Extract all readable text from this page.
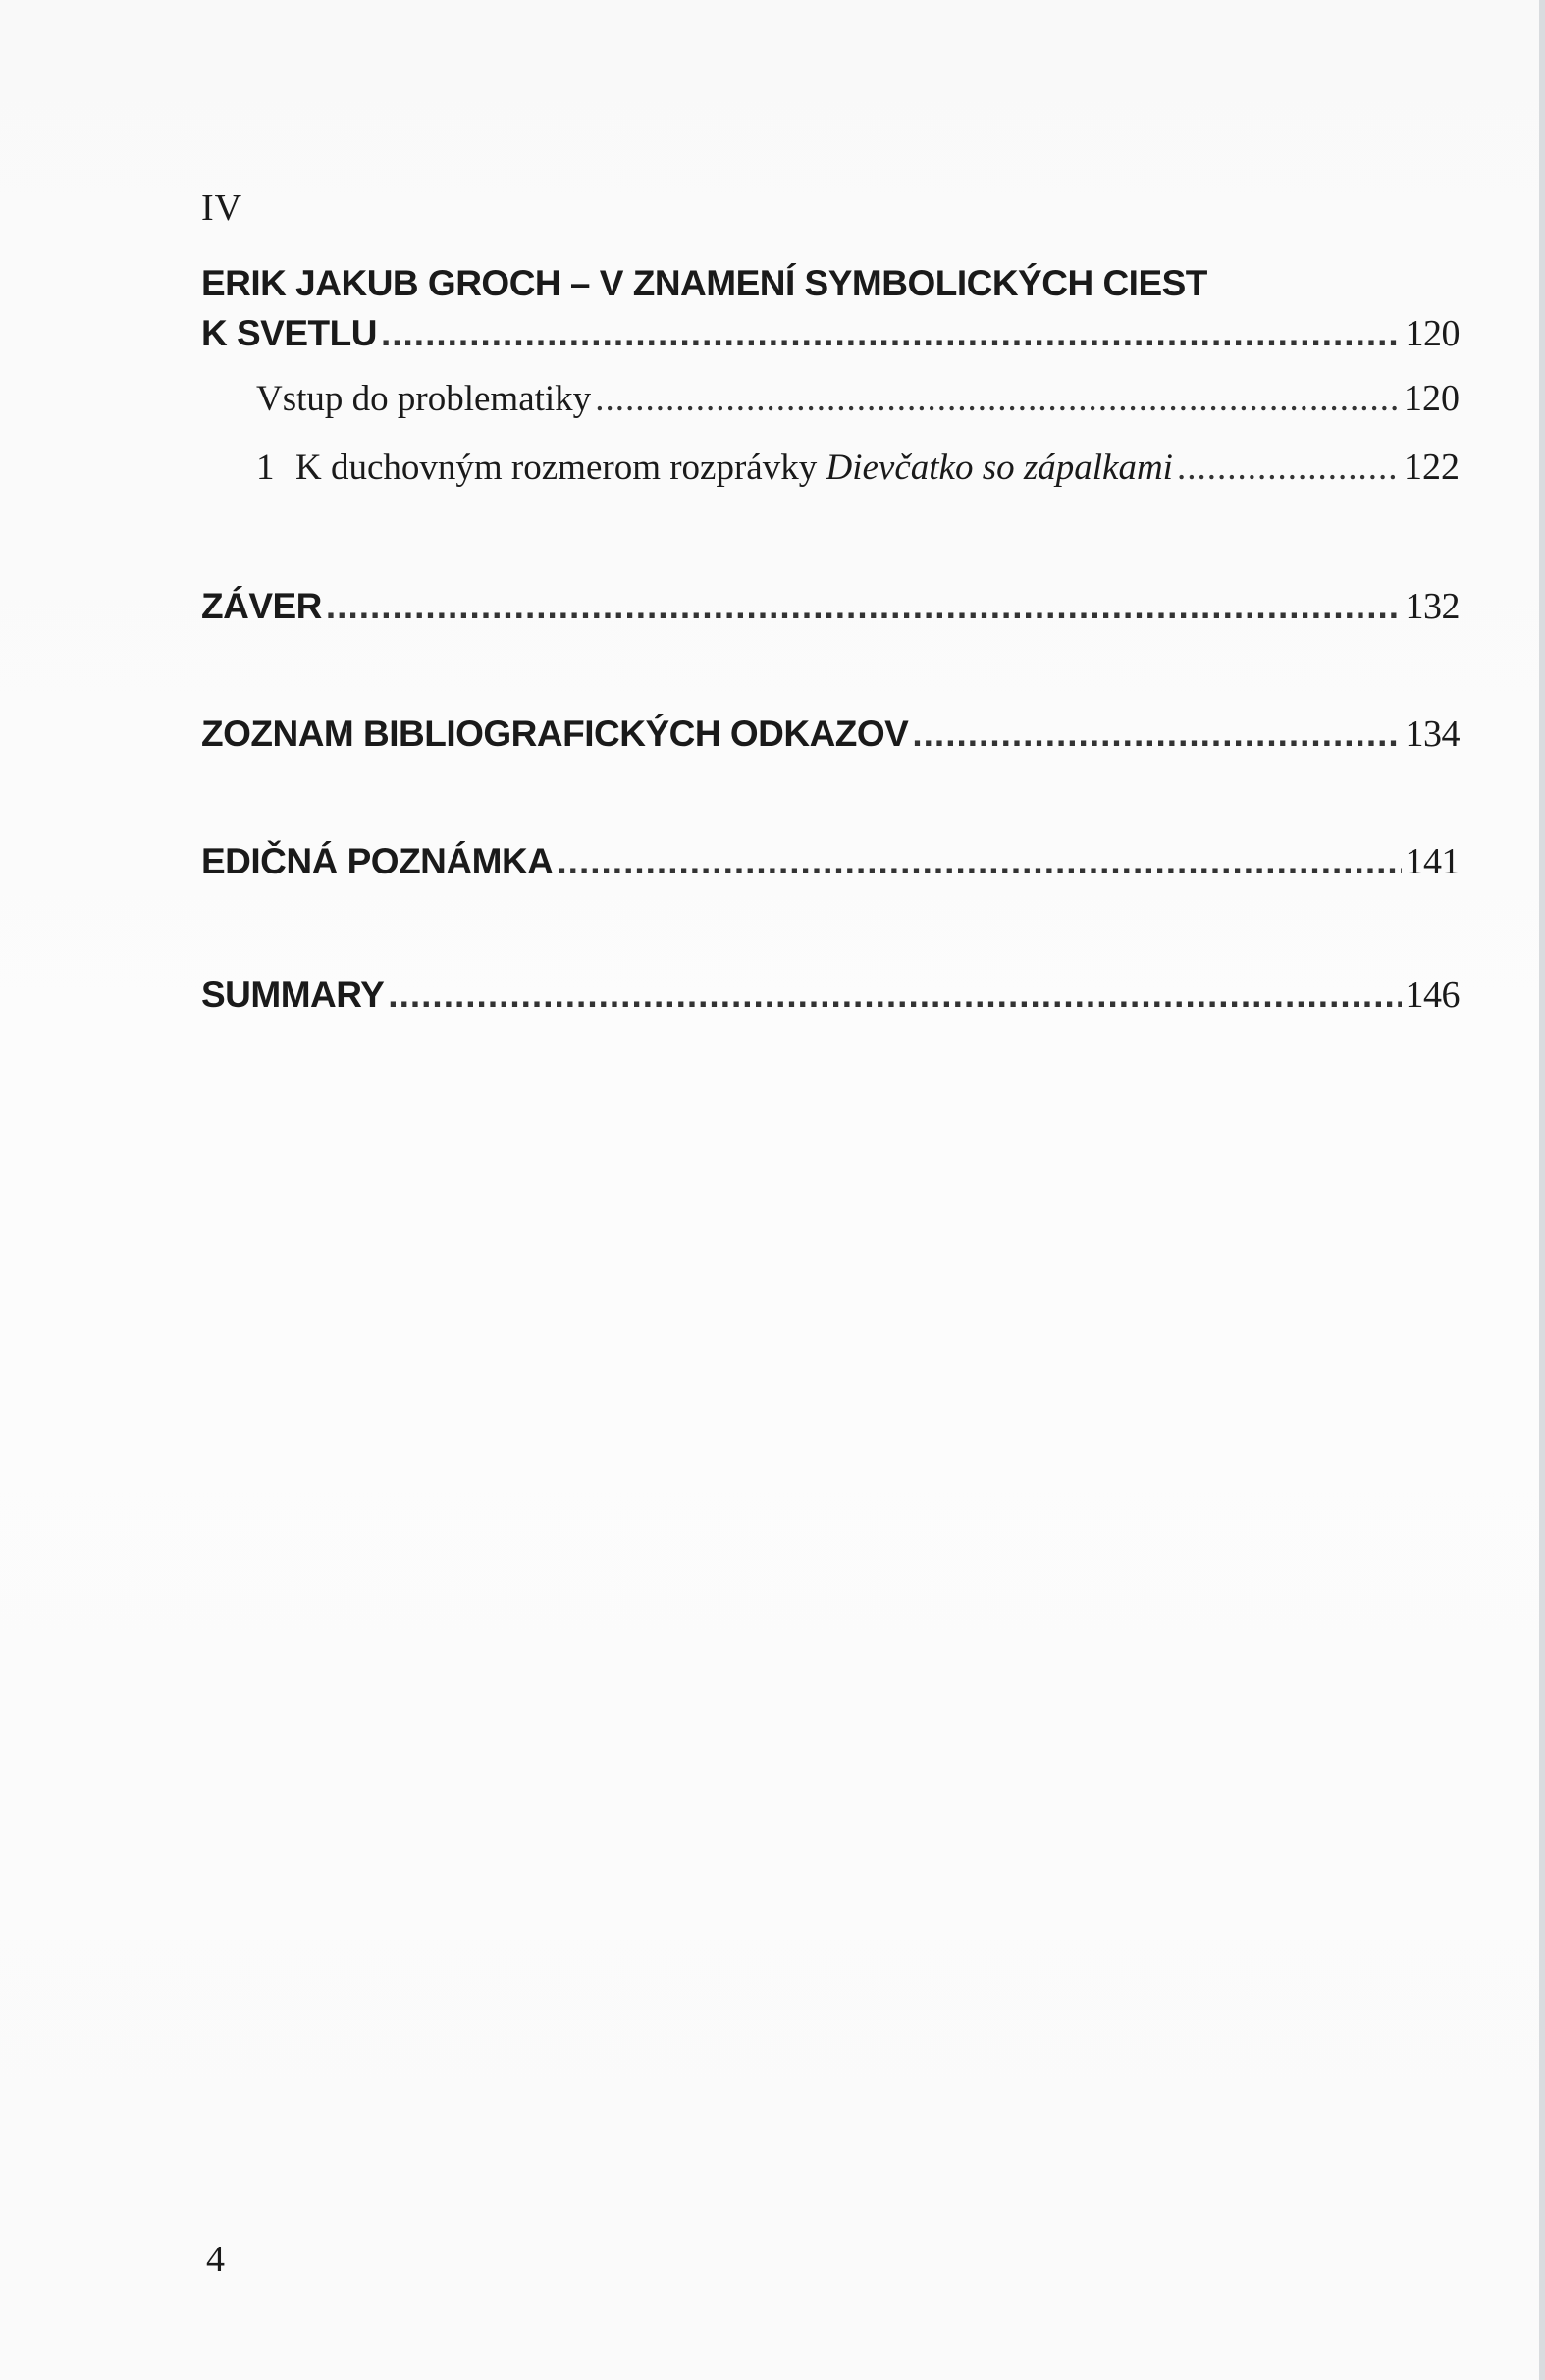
IV
ERIK JAKUB GROCH – V ZNAMENÍ SYMBOLICKÝCH CIEST
K SVETLU .....	120
Vstup do problematiky .....	120
1 K duchovným rozmerom rozprávky Dievčatko so zápalkami .....	122
ZÁVER .....	132
ZOZNAM BIBLIOGRAFICKÝCH ODKAZOV .....	134
EDIČNÁ POZNÁMKA .....	141
SUMMARY .....	146
4
